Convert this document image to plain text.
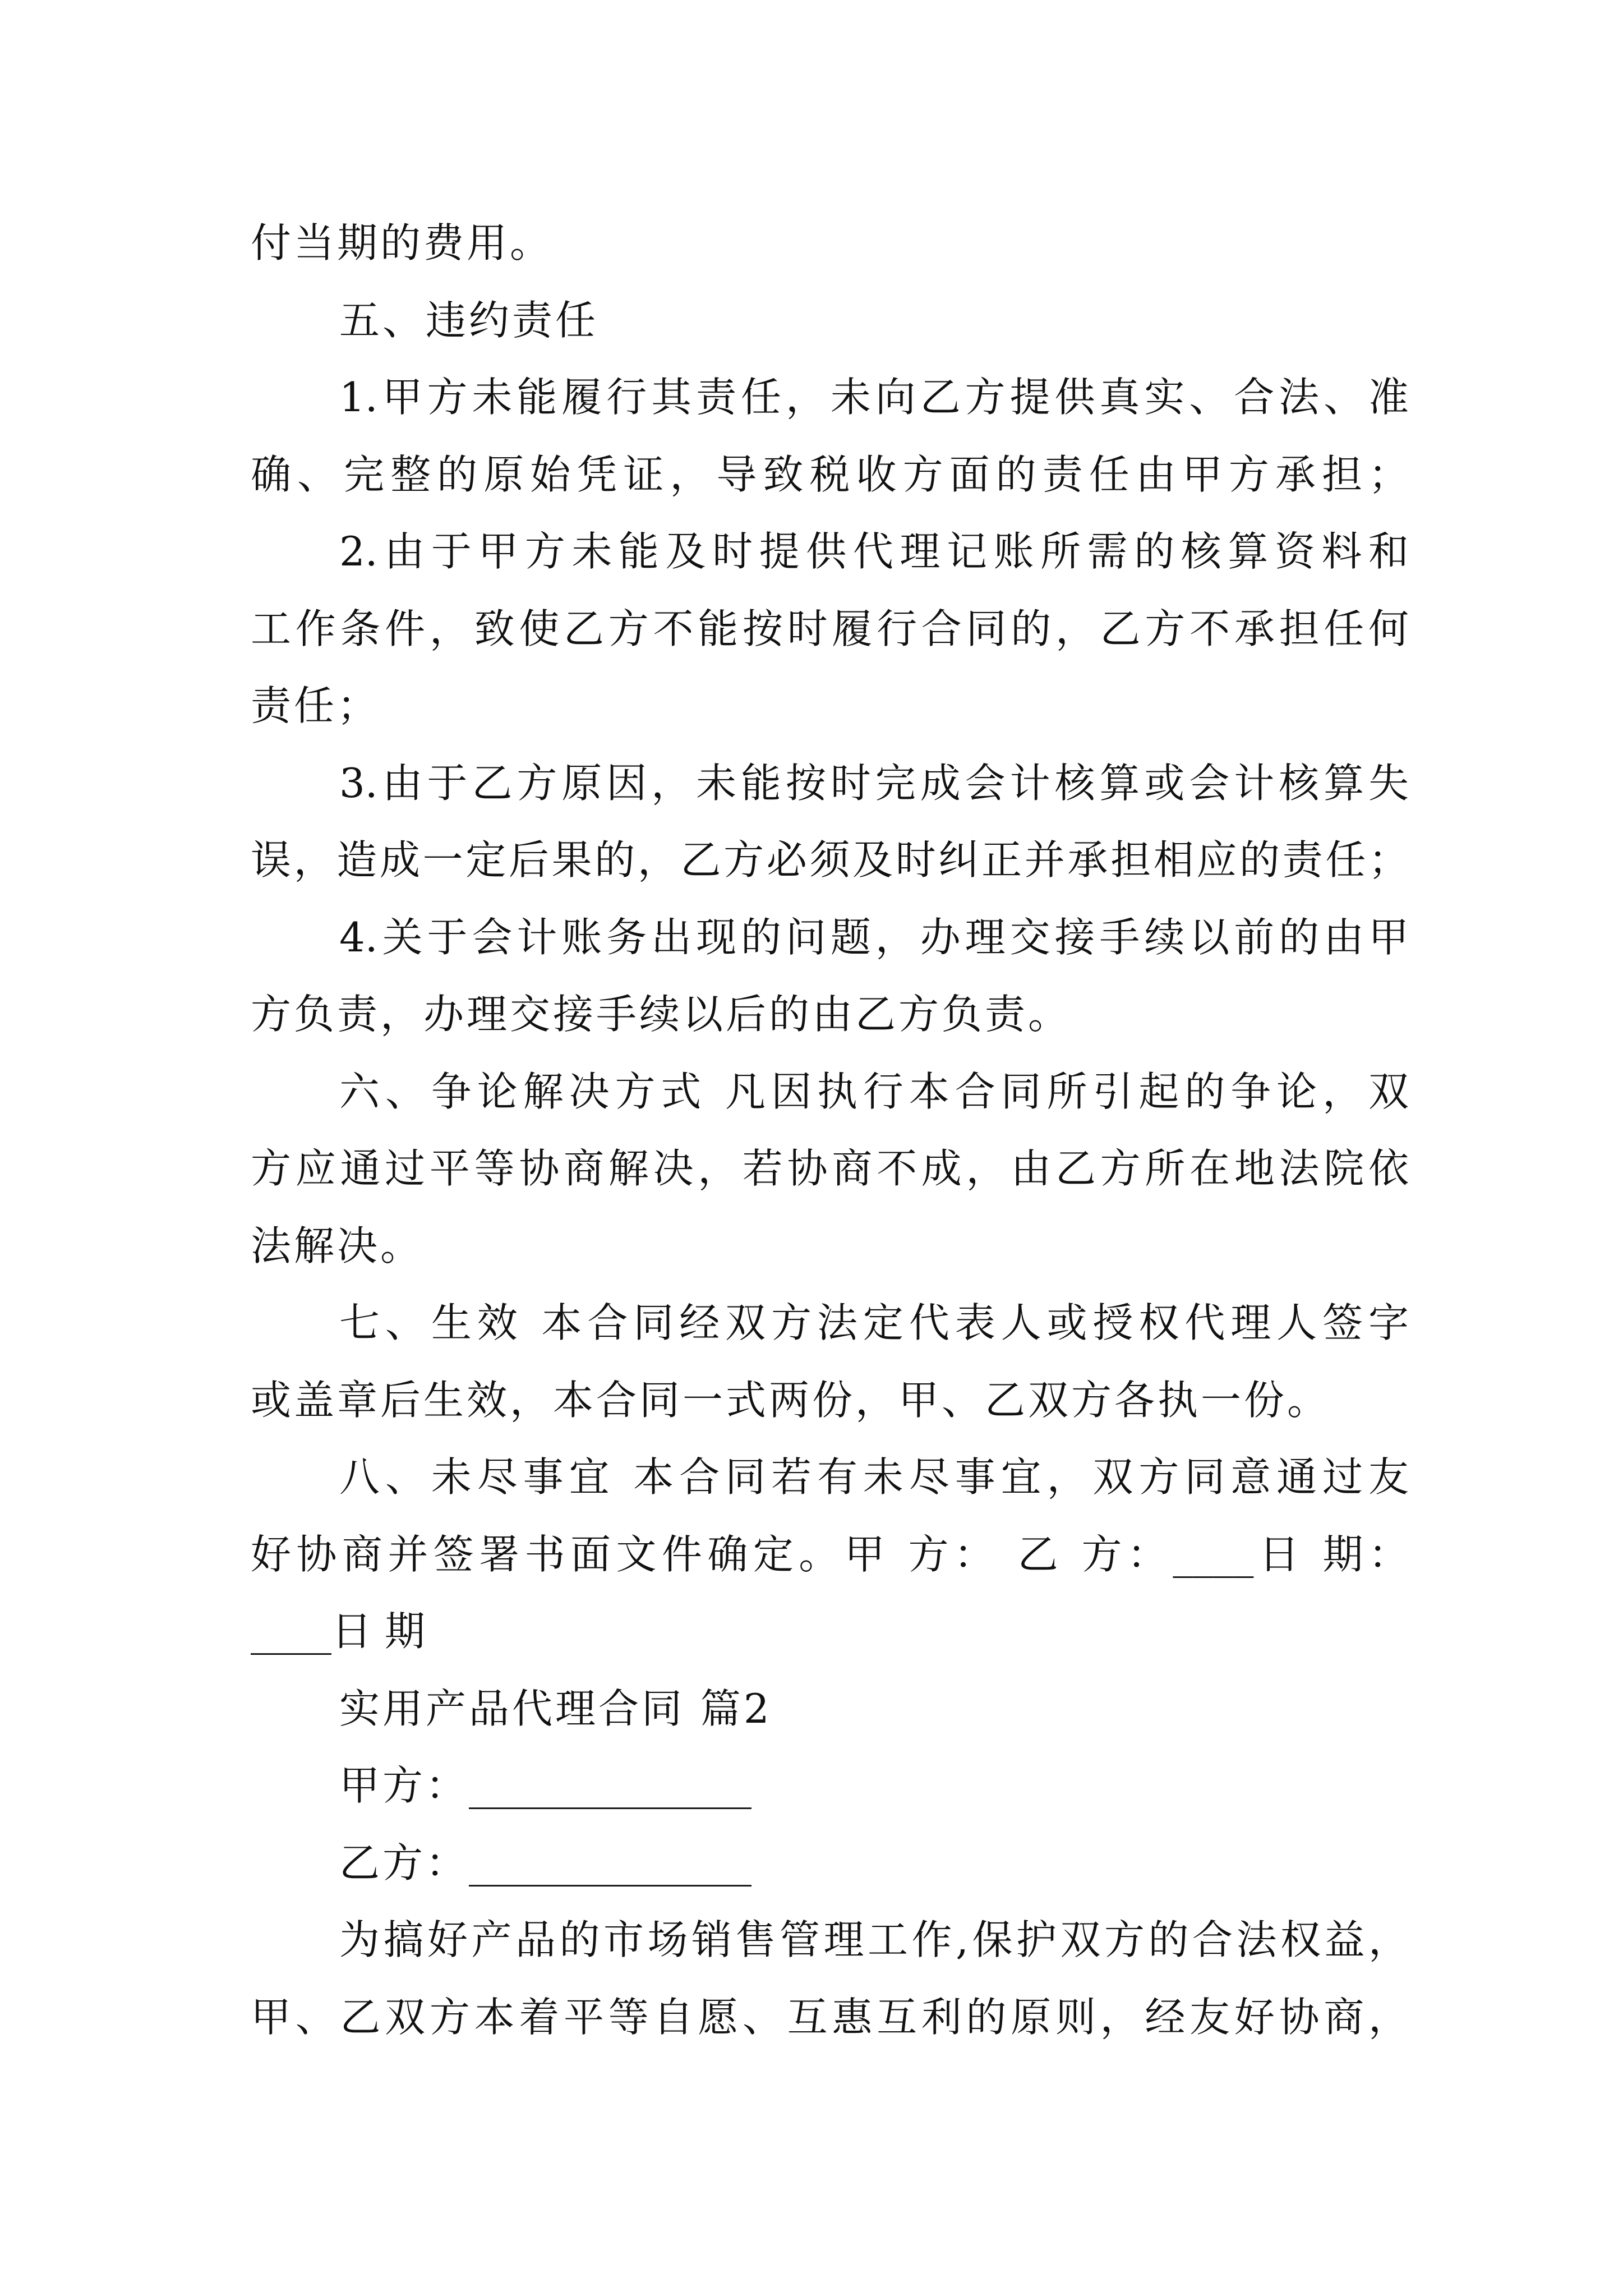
付当期的费用。
五、违约责任
1.甲方未能履行其责任，未向乙方提供真实、合法、准
确、完整的原始凭证，导致税收方面的责任由甲方承担；
2.由于甲方未能及时提供代理记账所需的核算资料和
工作条件，致使乙方不能按时履行合同的，乙方不承担任何
责任；
3.由于乙方原因，未能按时完成会计核算或会计核算失
误，造成一定后果的，乙方必须及时纠正并承担相应的责任；
4.关于会计账务出现的问题，办理交接手续以前的由甲
方负责，办理交接手续以后的由乙方负责。
六、争论解决方式 凡因执行本合同所引起的争论，双
方应通过平等协商解决，若协商不成，由乙方所在地法院依
法解决。
七、生效 本合同经双方法定代表人或授权代理人签字
或盖章后生效，本合同一式两份，甲、乙双方各执一份。
八、未尽事宜 本合同若有未尽事宜，双方同意通过友
好协商并签署书面文件确定。甲 方： 乙 方：____日 期：
____日 期
实用产品代理合同 篇2
甲方：______________
乙方：______________
为搞好产品的市场销售管理工作,保护双方的合法权益，
甲、乙双方本着平等自愿、互惠互利的原则，经友好协商，
